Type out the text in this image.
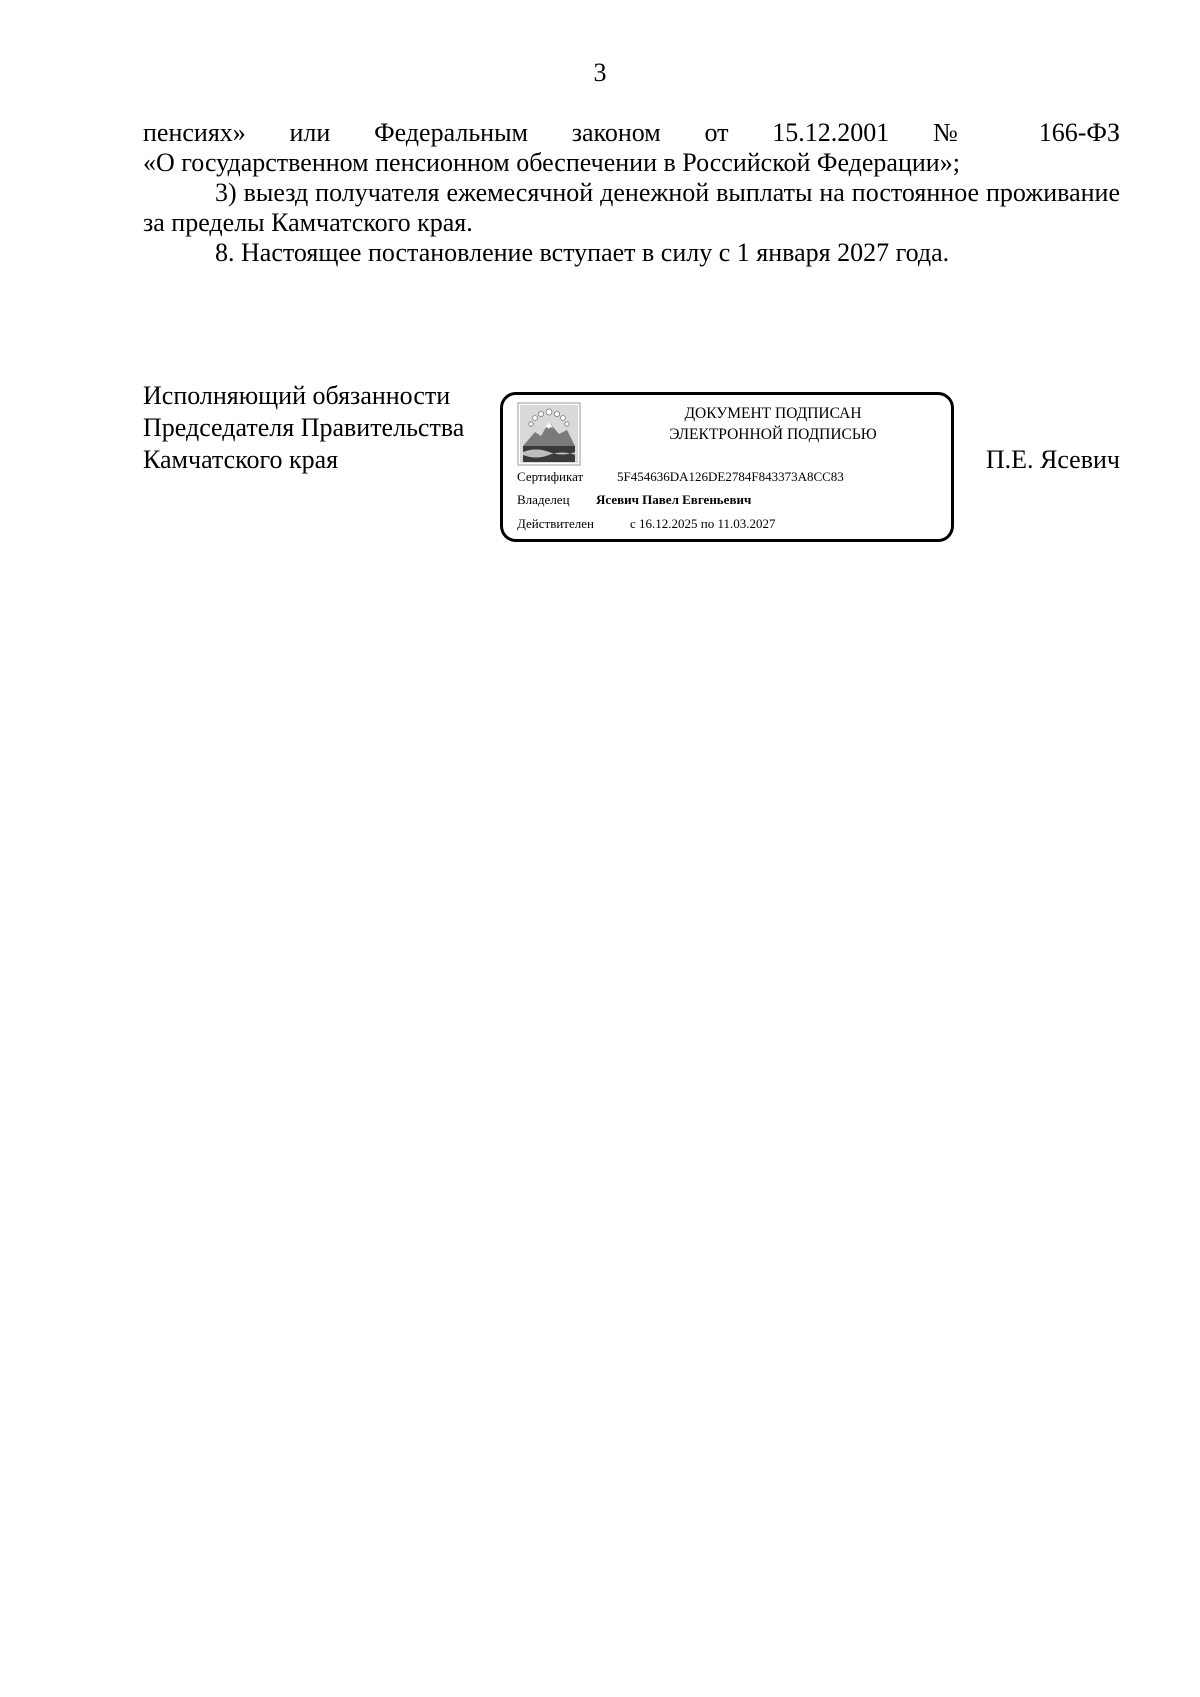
3

пенсиях» или Федеральным законом от 15.12.2001 № 166-ФЗ

«О государственном пенсионном обеспечении в Российской Федерации»;

3) выезд получателя ежемесячной денежной выплаты на постоянное проживание за пределы Камчатского края.

8. Настоящее постановление вступает в силу с 1 января 2027 года.

Исполняющий обязанности
Председателя Правительства
Камчатского края
ДОКУМЕНТ ПОДПИСАН
ЭЛЕКТРОННОЙ ПОДПИСЬЮ
Сертификат	5F454636DA126DE2784F843373A8CC83
Владелец Ясевич Павел Евгеньевич
Действителен	с 16.12.2025 по 11.03.2027
П.Е. Ясевич
